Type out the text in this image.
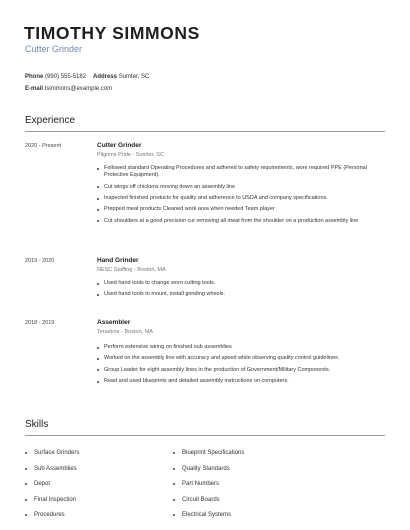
TIMOTHY SIMMONS
Cutter Grinder
Phone (990) 555-5182 Address Sumter, SC
E-mail tsimmons@example.com
Experience
2020 - Present	Cutter Grinder
Pilgrims Pride - Sumter, SC
Followed standard Operating Procedures and adhered to safety requirements, wore required PPE (Personal Protective Equipment).
Cut wings off chickens moving down an assembly line
Inspected finished products for quality and adherence to USDA and company specifications.
Prepped meat products Cleaned work area when needed Team player
Cut shoulders at a good precision cut removing all meat from the shoulder on a production assembly line
2019 - 2020	Hand Grinder
NESC Staffing - Boston, MA
Used hand tools to change worn cutting tools.
Used hand tools to mount, install grinding wheels.
2018 - 2019	Assembler
Teradyne - Boston, MA
Perform extensive wiring on finished sub assemblies
Worked on the assembly line with accuracy and speed while observing quality control guidelines.
Group Leader for eight assembly lines in the production of Government/Military Components.
Read and used blueprints and detailed assembly instructions on computers.
Skills
Surface Grinders
Sub Assemblies
Depot
Final Inspection
Procedures
Blueprint Specifications
Quality Standards
Part Numbers
Circuit Boards
Electrical Systems
